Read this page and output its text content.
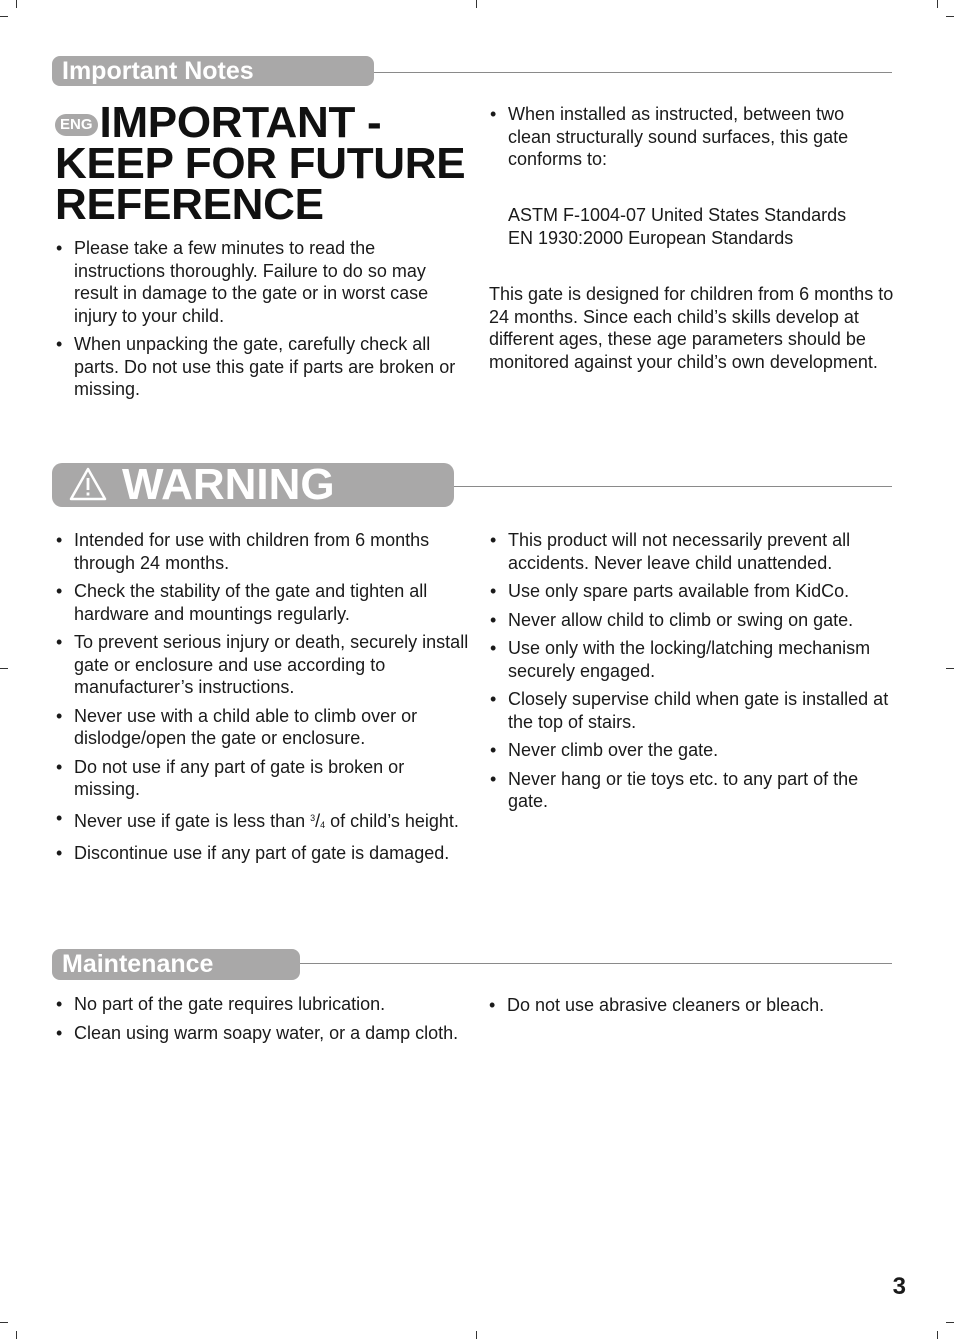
Important Notes
ENG IMPORTANT - KEEP FOR FUTURE REFERENCE
• Please take a few minutes to read the instructions thoroughly. Failure to do so may result in damage to the gate or in worst case injury to your child.
• When unpacking the gate, carefully check all parts. Do not use this gate if parts are broken or missing.
• When installed as instructed, between two clean structurally sound surfaces, this gate conforms to:
ASTM F-1004-07 United States Standards
EN 1930:2000 European Standards

This gate is designed for children from 6 months to 24 months. Since each child’s skills develop at different ages, these age parameters should be monitored against your child’s own development.

WARNING
• Intended for use with children from 6 months through 24 months.
• Check the stability of the gate and tighten all hardware and mountings regularly.
• To prevent serious injury or death, securely install gate or enclosure and use according to manufacturer’s instructions.
• Never use with a child able to climb over or dislodge/open the gate or enclosure.
• Do not use if any part of gate is broken or missing.
• Never use if gate is less than $^3/_4$ of child’s height.
• Discontinue use if any part of gate is damaged.
• This product will not necessarily prevent all accidents. Never leave child unattended.
• Use only spare parts available from KidCo.
• Never allow child to climb or swing on gate.
• Use only with the locking/latching mechanism securely engaged.
• Closely supervise child when gate is installed at the top of stairs.
• Never climb over the gate.
• Never hang or tie toys etc. to any part of the gate.
Maintenance
• No part of the gate requires lubrication.
• Clean using warm soapy water, or a damp cloth.
• Do not use abrasive cleaners or bleach.
3
